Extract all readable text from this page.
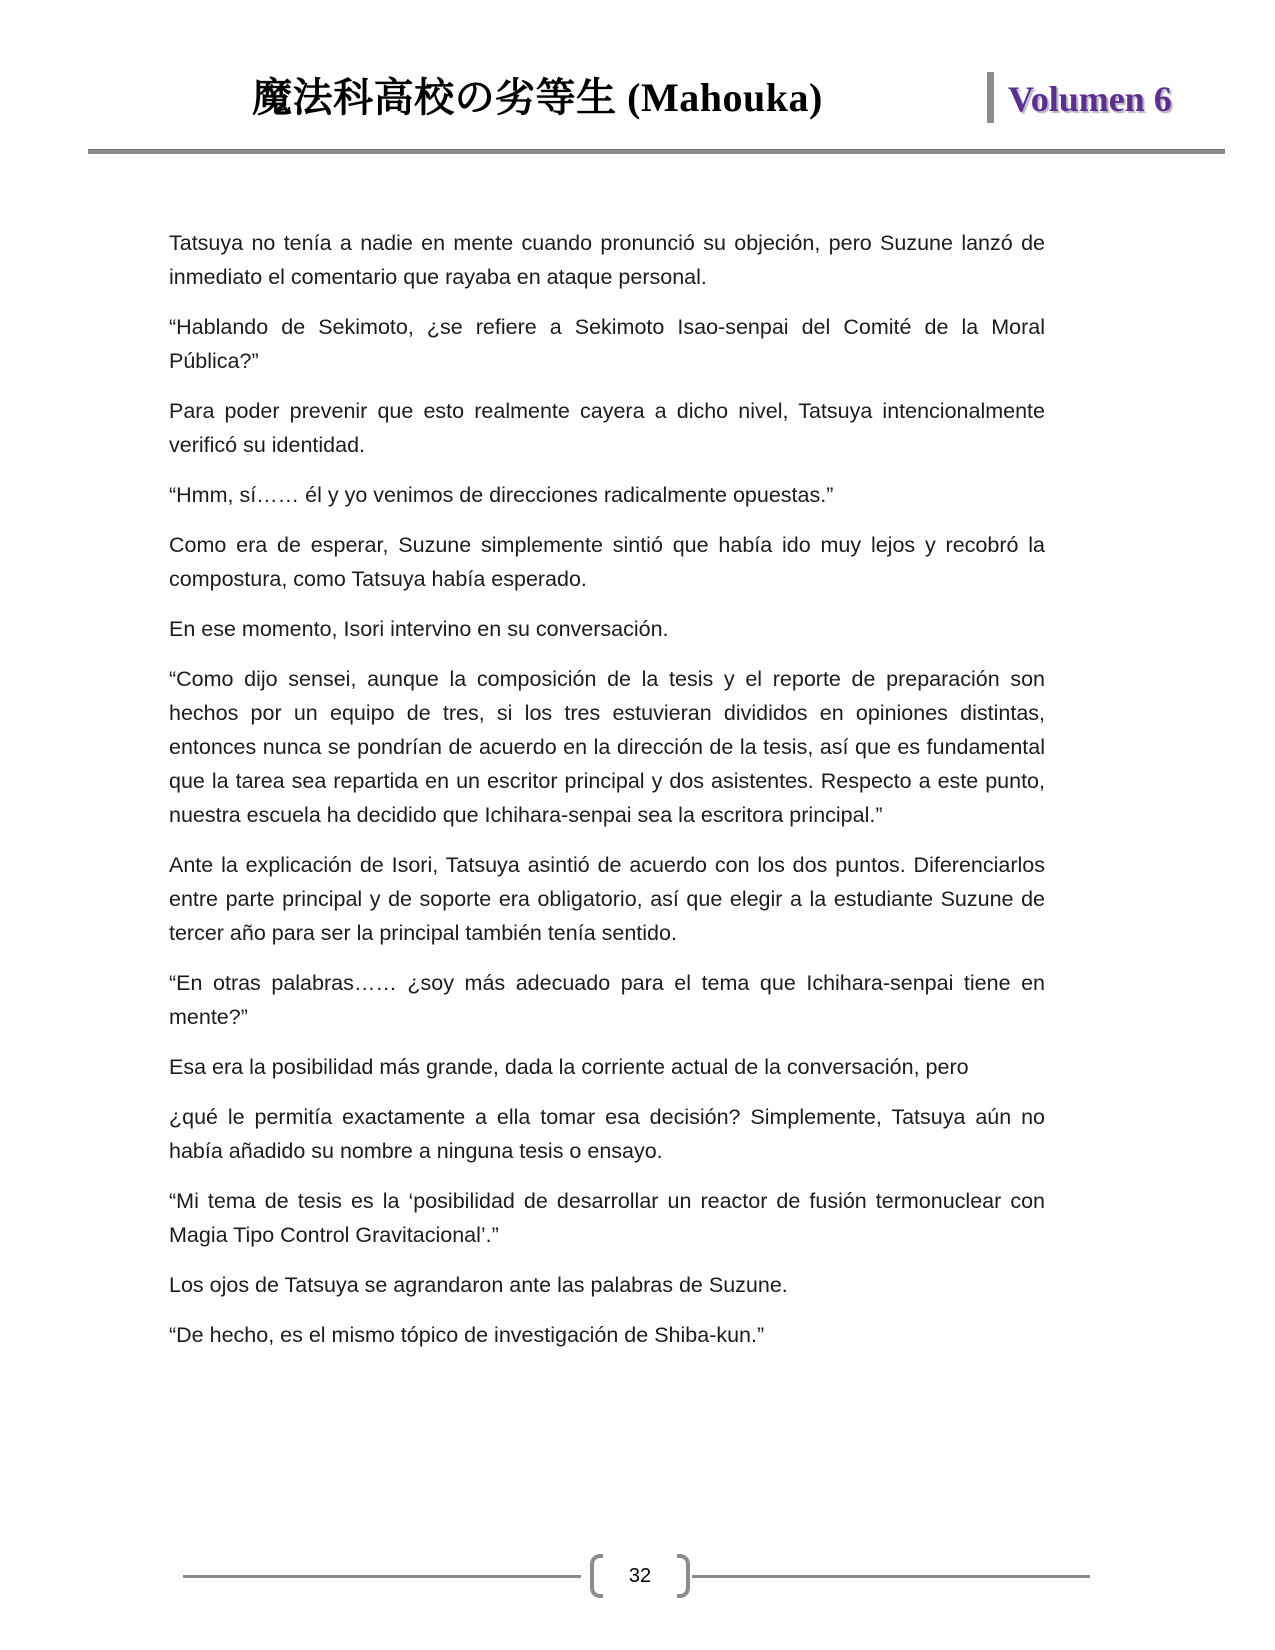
魔法科高校の劣等生 (Mahouka)	Volumen 6

Tatsuya no tenía a nadie en mente cuando pronunció su objeción, pero Suzune lanzó de inmediato el comentario que rayaba en ataque personal.

“Hablando de Sekimoto, ¿se refiere a Sekimoto Isao-senpai del Comité de la Moral Pública?”

Para poder prevenir que esto realmente cayera a dicho nivel, Tatsuya intencionalmente verificó su identidad.

“Hmm, sí…… él y yo venimos de direcciones radicalmente opuestas.”

Como era de esperar, Suzune simplemente sintió que había ido muy lejos y recobró la compostura, como Tatsuya había esperado.

En ese momento, Isori intervino en su conversación.

“Como dijo sensei, aunque la composición de la tesis y el reporte de preparación son hechos por un equipo de tres, si los tres estuvieran divididos en opiniones distintas, entonces nunca se pondrían de acuerdo en la dirección de la tesis, así que es fundamental que la tarea sea repartida en un escritor principal y dos asistentes. Respecto a este punto, nuestra escuela ha decidido que Ichihara-senpai sea la escritora principal.”

Ante la explicación de Isori, Tatsuya asintió de acuerdo con los dos puntos. Diferenciarlos entre parte principal y de soporte era obligatorio, así que elegir a la estudiante Suzune de tercer año para ser la principal también tenía sentido.

“En otras palabras…… ¿soy más adecuado para el tema que Ichihara-senpai tiene en mente?”

Esa era la posibilidad más grande, dada la corriente actual de la conversación, pero

¿qué le permitía exactamente a ella tomar esa decisión? Simplemente, Tatsuya aún no había añadido su nombre a ninguna tesis o ensayo.

“Mi tema de tesis es la ‘posibilidad de desarrollar un reactor de fusión termonuclear con Magia Tipo Control Gravitacional’.”

Los ojos de Tatsuya se agrandaron ante las palabras de Suzune.

“De hecho, es el mismo tópico de investigación de Shiba-kun.”

32
